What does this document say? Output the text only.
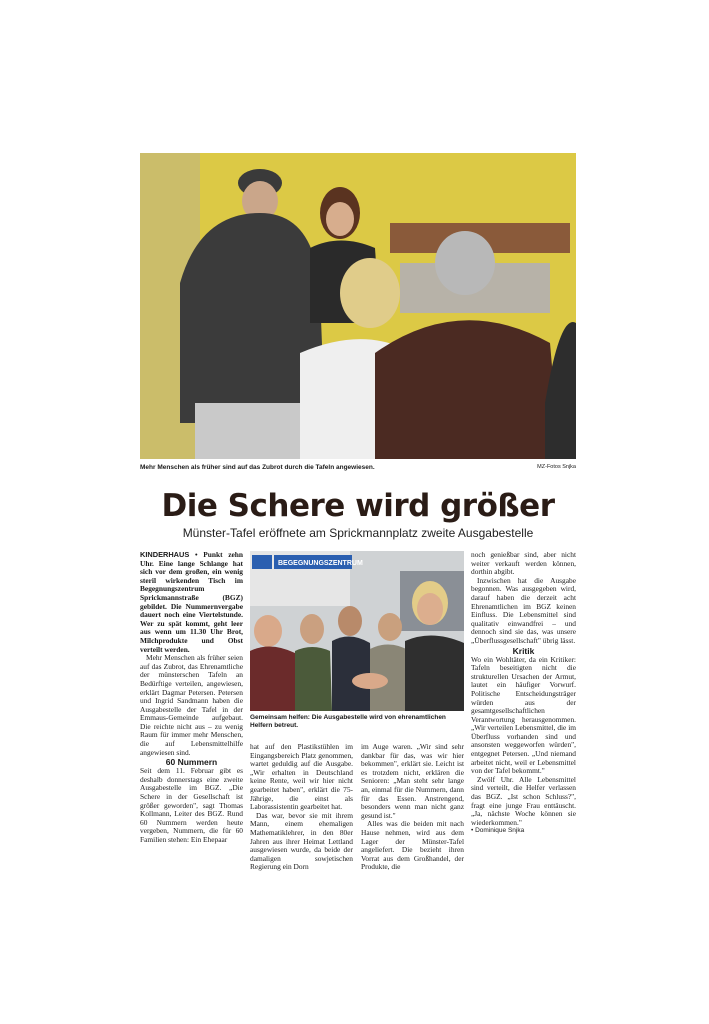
Mehr Menschen als früher sind auf das Zubrot durch die Tafeln angewiesen.	MZ-Fotos Snjka
Die Schere wird größer
Münster-Tafel eröffnete am Sprickmannplatz zweite Ausgabestelle

KINDERHAUS • Punkt zehn Uhr. Eine lange Schlange hat sich vor dem großen, ein wenig steril wirkenden Tisch im Begegnungszentrum Sprickmannstraße (BGZ) gebildet. Die Nummernvergabe dauert noch eine Viertelstunde. Wer zu spät kommt, geht leer aus wenn um 11.30 Uhr Brot, Milchprodukte und Obst verteilt werden.

Mehr Menschen als früher seien auf das Zubrot, das Ehrenamtliche der münsterschen Tafeln an Bedürftige verteilen, angewiesen, erklärt Dagmar Petersen. Petersen und Ingrid Sandmann haben die Ausgabestelle der Tafel in der Emmaus-Gemeinde aufgebaut. Die reichte nicht aus – zu wenig Raum für immer mehr Menschen, die auf Lebensmittelhilfe angewiesen sind.

60 Nummern

Seit dem 11. Februar gibt es deshalb donnerstags eine zweite Ausgabestelle im BGZ. „Die Schere in der Gesellschaft ist größer geworden", sagt Thomas Kollmann, Leiter des BGZ. Rund 60 Nummern werden heute vergeben, Nummern, die für 60 Familien stehen: Ein Ehepaar

BEGEGNUNGSZENTRUM
Gemeinsam helfen: Die Ausgabestelle wird von ehrenamtlichen Helfern betreut.

hat auf den Plastikstühlen im Eingangsbereich Platz genommen, wartet geduldig auf die Ausgabe. „Wir erhalten in Deutschland keine Rente, weil wir hier nicht gearbeitet haben", erklärt die 75-Jährige, die einst als Laborassistentin gearbeitet hat.

Das war, bevor sie mit ihrem Mann, einem ehemaligen Mathematiklehrer, in den 80er Jahren aus ihrer Heimat Lettland ausgewiesen wurde, da beide der damaligen sowjetischen Regierung ein Dorn

im Auge waren. „Wir sind sehr dankbar für das, was wir hier bekommen", erklärt sie. Leicht ist es trotzdem nicht, erklären die Senioren: „Man steht sehr lange an, einmal für die Nummern, dann für das Essen. Anstrengend, besonders wenn man nicht ganz gesund ist."

Alles was die beiden mit nach Hause nehmen, wird aus dem Lager der Münster-Tafel angeliefert. Die bezieht ihren Vorrat aus dem Großhandel, der Produkte, die

noch genießbar sind, aber nicht weiter verkauft werden können, dorthin abgibt.

Inzwischen hat die Ausgabe begonnen. Was ausgegeben wird, darauf haben die derzeit acht Ehrenamtlichen im BGZ keinen Einfluss. Die Lebensmittel sind qualitativ einwandfrei – und dennoch sind sie das, was unsere „Überflussgesellschaft" übrig lässt.

Kritik

Wo ein Wohltäter, da ein Kritiker: Tafeln beseitigten nicht die strukturellen Ursachen der Armut, lautet ein häufiger Vorwurf. Politische Entscheidungsträger würden aus der gesamtgesellschaftlichen Verantwortung herausgenommen. „Wir verteilen Lebensmittel, die im Überfluss vorhanden sind und ansonsten weggeworfen würden", entgegnet Petersen. „Und niemand arbeitet nicht, weil er Lebensmittel von der Tafel bekommt."

Zwölf Uhr. Alle Lebensmittel sind verteilt, die Helfer verlassen das BGZ. „Ist schon Schluss?", fragt eine junge Frau enttäuscht. „Ja, nächste Woche können sie wiederkommen."

• Dominique Snjka
